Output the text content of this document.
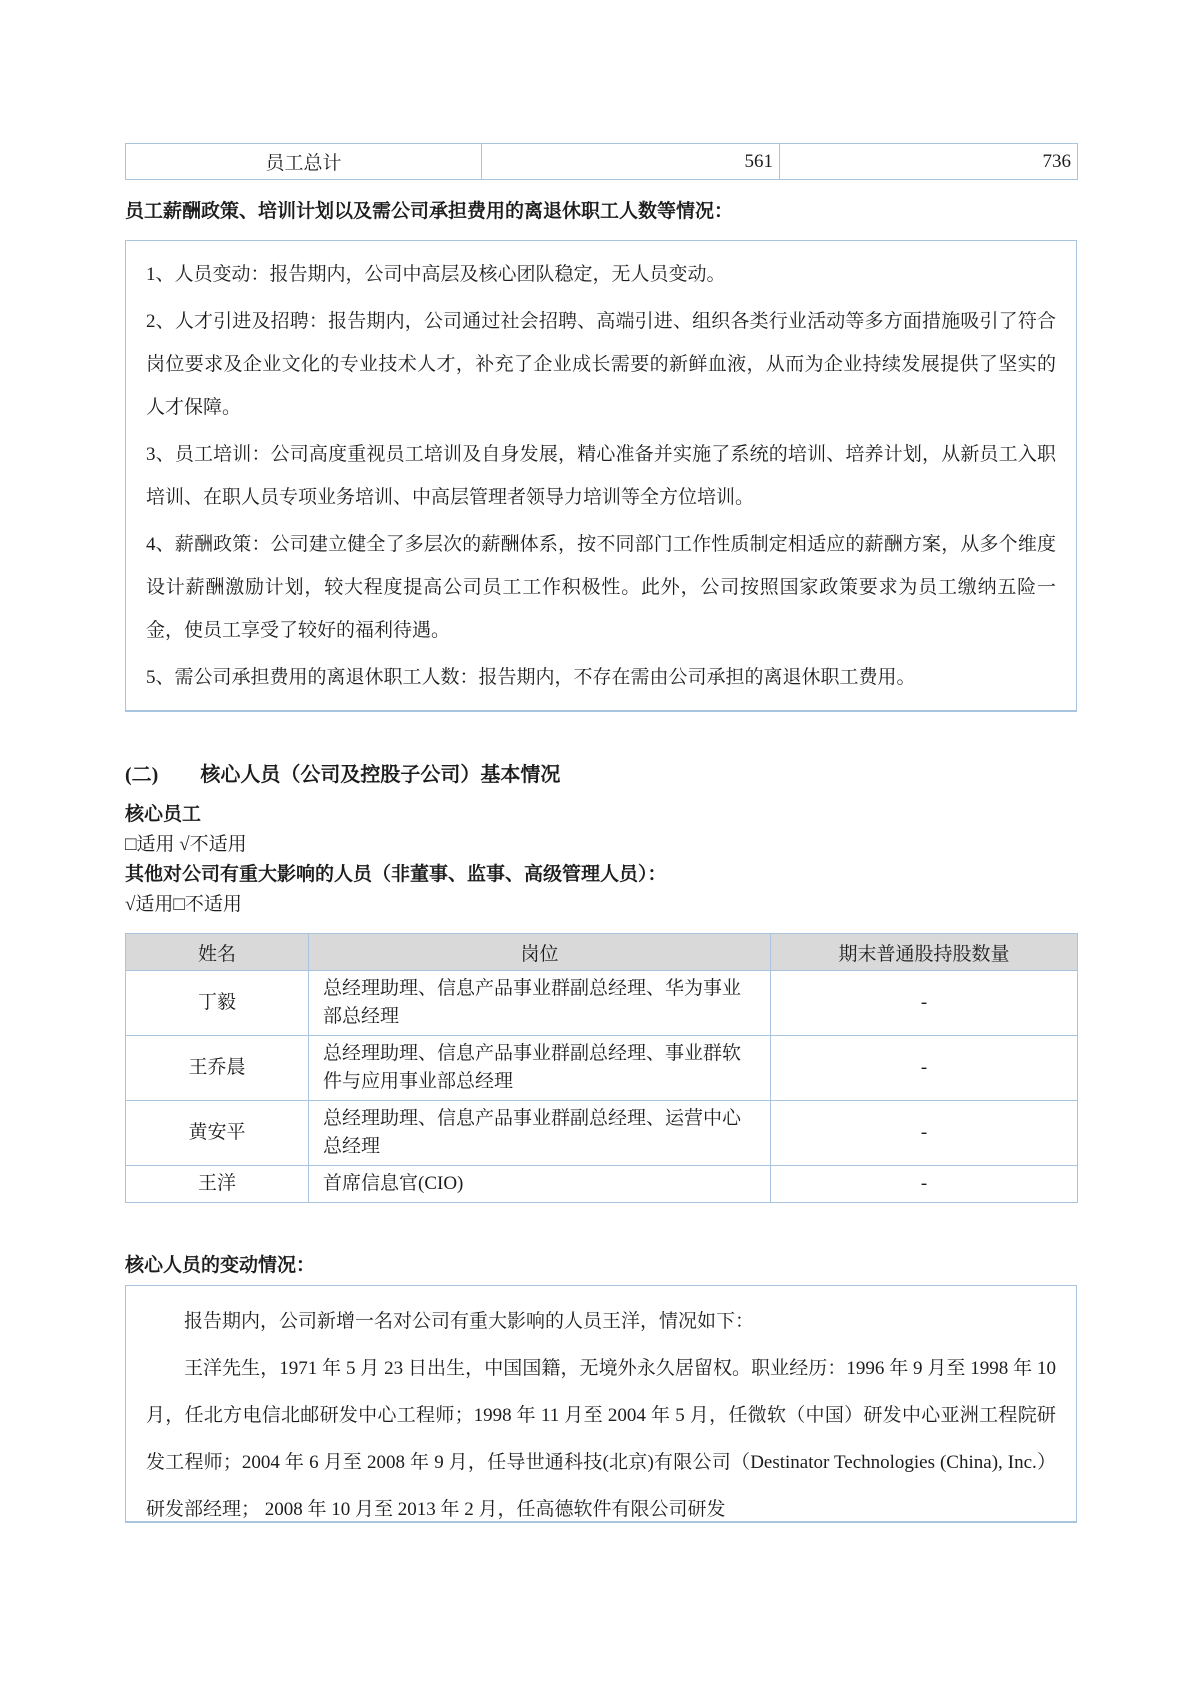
员工总计	561	736
员工薪酬政策、培训计划以及需公司承担费用的离退休职工人数等情况：

1、人员变动：报告期内，公司中高层及核心团队稳定，无人员变动。

2、人才引进及招聘：报告期内，公司通过社会招聘、高端引进、组织各类行业活动等多方面措施吸引了符合岗位要求及企业文化的专业技术人才，补充了企业成长需要的新鲜血液，从而为企业持续发展提供了坚实的人才保障。

3、员工培训：公司高度重视员工培训及自身发展，精心准备并实施了系统的培训、培养计划，从新员工入职培训、在职人员专项业务培训、中高层管理者领导力培训等全方位培训。

4、薪酬政策：公司建立健全了多层次的薪酬体系，按不同部门工作性质制定相适应的薪酬方案，从多个维度设计薪酬激励计划，较大程度提高公司员工工作积极性。此外，公司按照国家政策要求为员工缴纳五险一金，使员工享受了较好的福利待遇。

5、需公司承担费用的离退休职工人数：报告期内，不存在需由公司承担的离退休职工费用。

(二) 核心人员（公司及控股子公司）基本情况
核心员工
□适用 √不适用
其他对公司有重大影响的人员（非董事、监事、高级管理人员）：
√适用□不适用
姓名	岗位	期末普通股持股数量
丁毅	总经理助理、信息产品事业群副总经理、华为事业部总经理	-
王乔晨	总经理助理、信息产品事业群副总经理、事业群软件与应用事业部总经理	-
黄安平	总经理助理、信息产品事业群副总经理、运营中心总经理	-
王洋	首席信息官(CIO)	-
核心人员的变动情况：

报告期内，公司新增一名对公司有重大影响的人员王洋，情况如下：

王洋先生，1971 年 5 月 23 日出生，中国国籍，无境外永久居留权。职业经历：1996 年 9 月至 1998 年 10 月，任北方电信北邮研发中心工程师；1998 年 11 月至 2004 年 5 月，任微软（中国）研发中心亚洲工程院研发工程师；2004 年 6 月至 2008 年 9 月，任导世通科技(北京)有限公司（Destinator Technologies (China), Inc.）研发部经理； 2008 年 10 月至 2013 年 2 月，任高德软件有限公司研发
